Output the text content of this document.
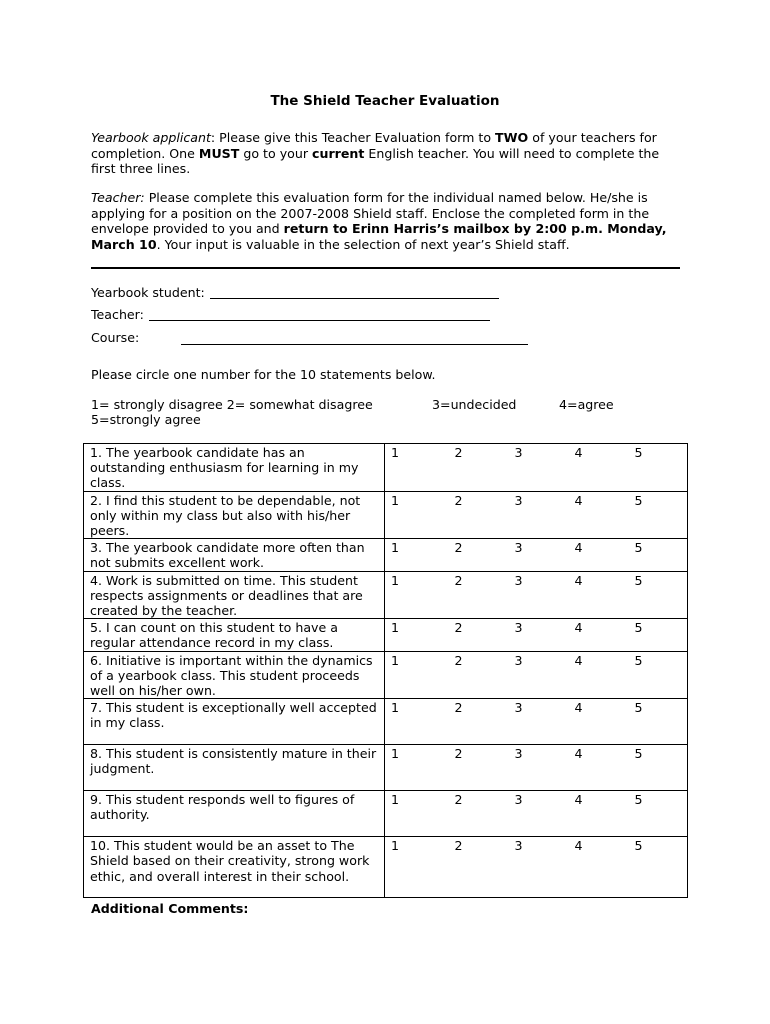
The Shield Teacher Evaluation
Yearbook applicant: Please give this Teacher Evaluation form to TWO of your teachers for completion. One MUST go to your current English teacher. You will need to complete the first three lines.
Teacher: Please complete this evaluation form for the individual named below. He/she is applying for a position on the 2007-2008 Shield staff. Enclose the completed form in the envelope provided to you and return to Erinn Harris’s mailbox by 2:00 p.m. Monday, March 10. Your input is valuable in the selection of next year’s Shield staff.
Yearbook student:
Teacher:
Course:
Please circle one number for the 10 statements below.
1= strongly disagree 2= somewhat disagree	3=undecided	4=agree
5=strongly agree
1. The yearbook candidate has an outstanding enthusiasm for learning in my class.	1	2	3	4	5
2. I find this student to be dependable, not only within my class but also with his/her peers.	1	2	3	4	5
3. The yearbook candidate more often than not submits excellent work.	1	2	3	4	5
4. Work is submitted on time. This student respects assignments or deadlines that are created by the teacher.	1	2	3	4	5
5. I can count on this student to have a regular attendance record in my class.	1	2	3	4	5
6. Initiative is important within the dynamics of a yearbook class. This student proceeds well on his/her own.	1	2	3	4	5
7. This student is exceptionally well accepted in my class.	1	2	3	4	5
8. This student is consistently mature in their judgment.	1	2	3	4	5
9. This student responds well to figures of authority.	1	2	3	4	5
10. This student would be an asset to The Shield based on their creativity, strong work ethic, and overall interest in their school.	1	2	3	4	5
Additional Comments:
